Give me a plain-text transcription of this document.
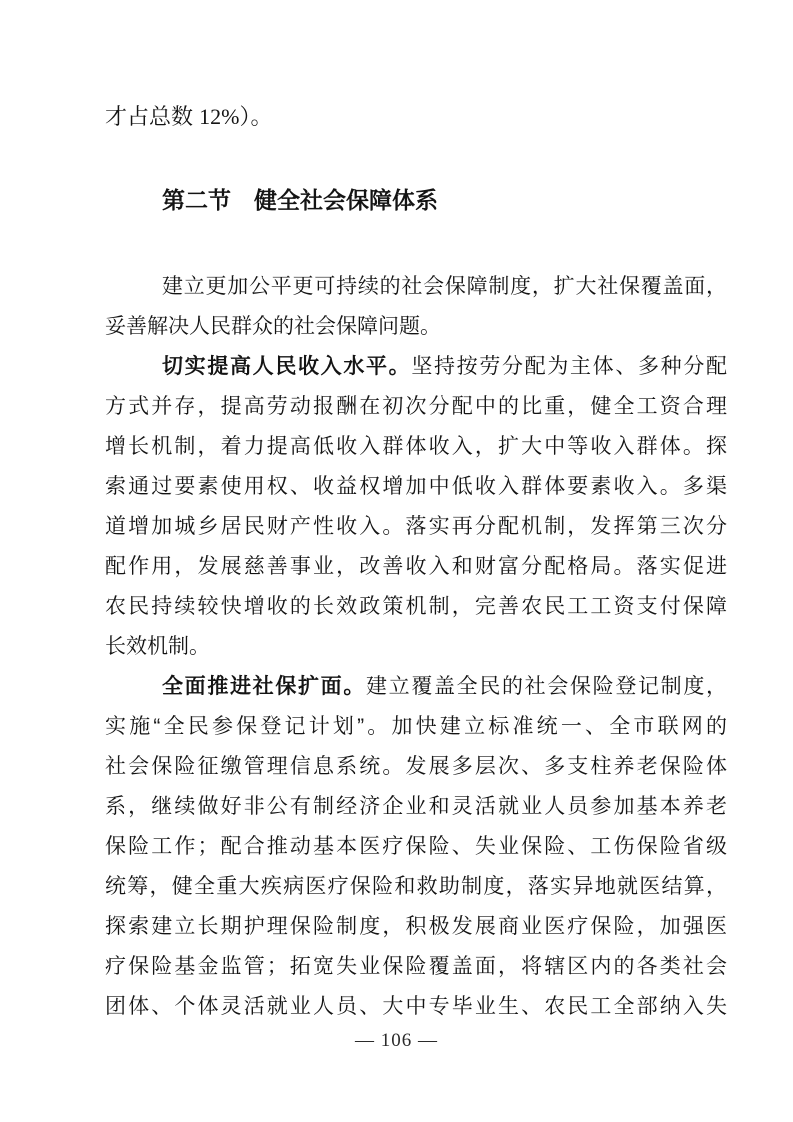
才占总数 12%）。
第二节　健全社会保障体系
建立更加公平更可持续的社会保障制度，扩大社保覆盖面，
妥善解决人民群众的社会保障问题。
切实提高人民收入水平。坚持按劳分配为主体、多种分配
方式并存，提高劳动报酬在初次分配中的比重，健全工资合理
增长机制，着力提高低收入群体收入，扩大中等收入群体。探
索通过要素使用权、收益权增加中低收入群体要素收入。多渠
道增加城乡居民财产性收入。落实再分配机制，发挥第三次分
配作用，发展慈善事业，改善收入和财富分配格局。落实促进
农民持续较快增收的长效政策机制，完善农民工工资支付保障
长效机制。
全面推进社保扩面。建立覆盖全民的社会保险登记制度，
实施“全民参保登记计划”。加快建立标准统一、全市联网的
社会保险征缴管理信息系统。发展多层次、多支柱养老保险体
系，继续做好非公有制经济企业和灵活就业人员参加基本养老
保险工作；配合推动基本医疗保险、失业保险、工伤保险省级
统筹，健全重大疾病医疗保险和救助制度，落实异地就医结算，
探索建立长期护理保险制度，积极发展商业医疗保险，加强医
疗保险基金监管；拓宽失业保险覆盖面，将辖区内的各类社会
团体、个体灵活就业人员、大中专毕业生、农民工全部纳入失
— 106 —
